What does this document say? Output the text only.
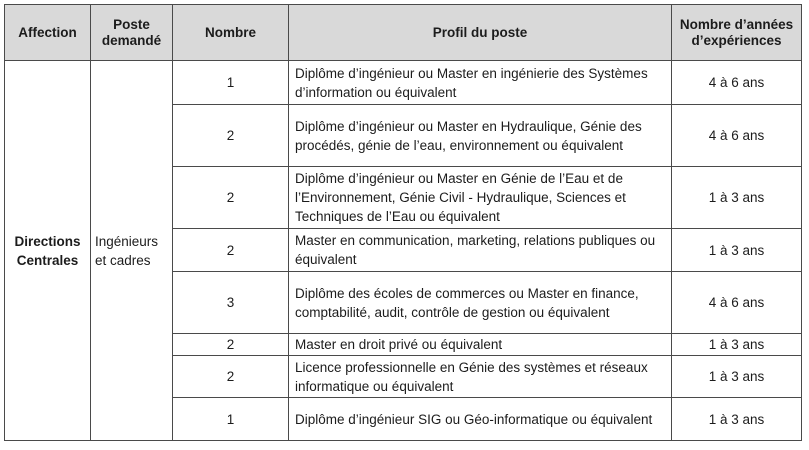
Affection	Poste demandé	Nombre	Profil du poste	Nombre d’années d’expériences
Directions Centrales	Ingénieurs et cadres	1	Diplôme d’ingénieur ou Master en ingénierie des Systèmes d’information ou équivalent	4 à 6 ans
		2	Diplôme d’ingénieur ou Master en Hydraulique, Génie des procédés, génie de l’eau, environnement ou équivalent	4 à 6 ans
		2	Diplôme d’ingénieur ou Master en Génie de l’Eau et de l’Environnement, Génie Civil - Hydraulique, Sciences et Techniques de l’Eau ou équivalent	1 à 3 ans
		2	Master en communication, marketing, relations publiques ou équivalent	1 à 3 ans
		3	Diplôme des écoles de commerces ou Master en finance, comptabilité, audit, contrôle de gestion ou équivalent	4 à 6 ans
		2	Master en droit privé ou équivalent	1 à 3 ans
		2	Licence professionnelle en Génie des systèmes et réseaux informatique ou équivalent	1 à 3 ans
		1	Diplôme d’ingénieur SIG ou Géo-informatique ou équivalent	1 à 3 ans
